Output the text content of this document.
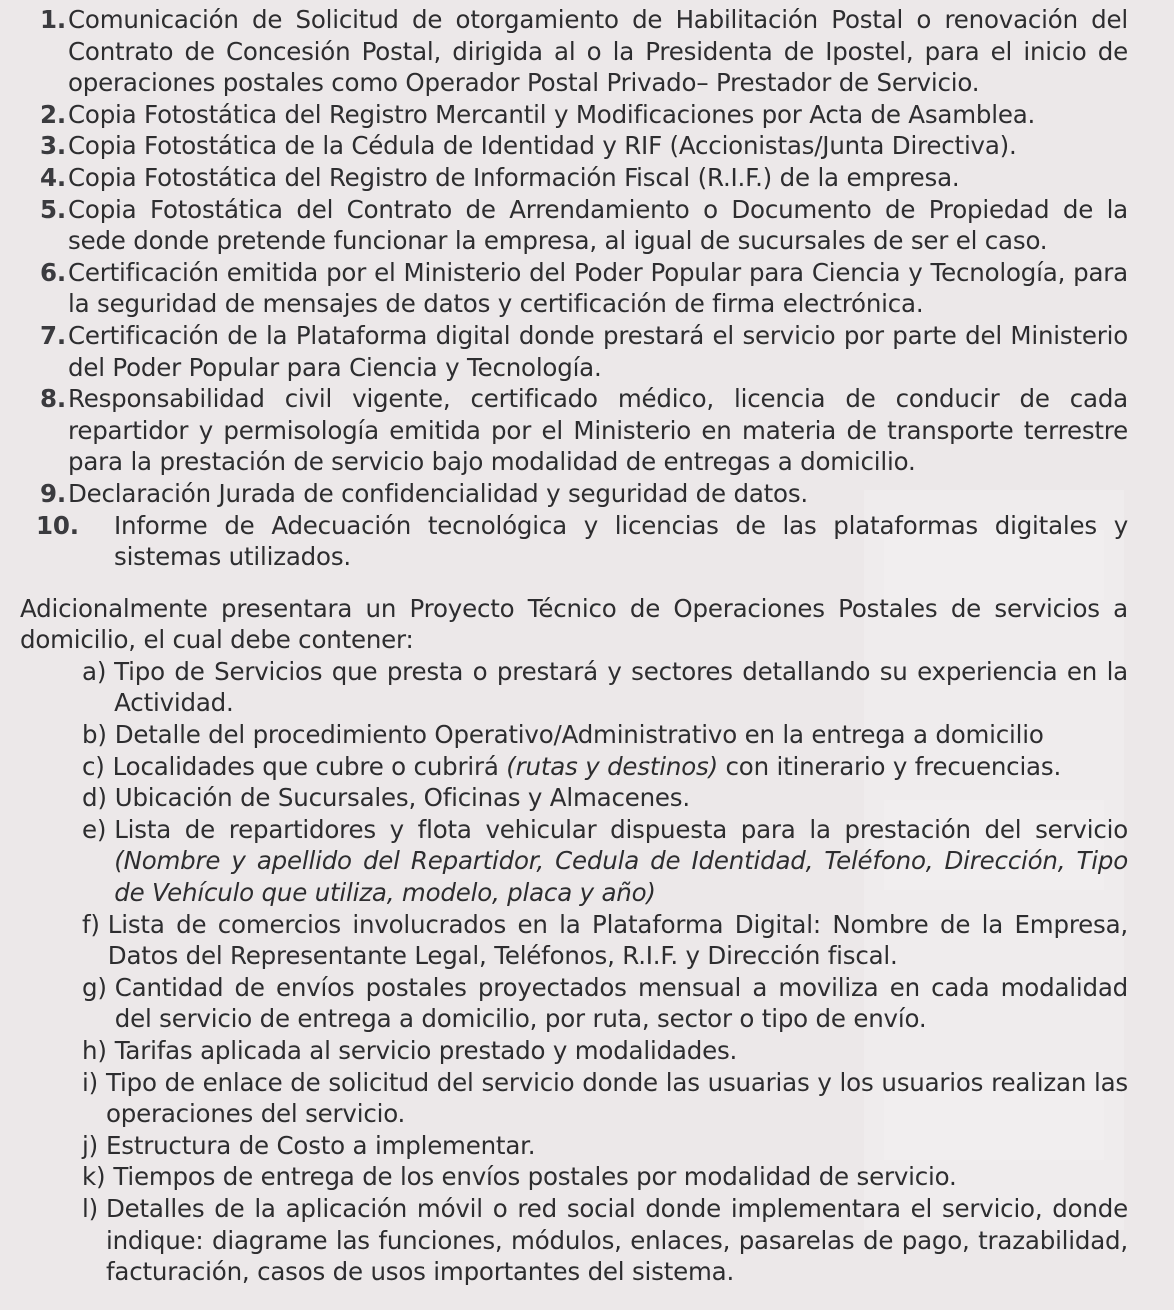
1. Comunicación de Solicitud de otorgamiento de Habilitación Postal o renovación del Contrato de Concesión Postal, dirigida al o la Presidenta de Ipostel, para el inicio de operaciones postales como Operador Postal Privado– Prestador de Servicio.
2. Copia Fotostática del Registro Mercantil y Modificaciones por Acta de Asamblea.
3. Copia Fotostática de la Cédula de Identidad y RIF (Accionistas/Junta Directiva).
4. Copia Fotostática del Registro de Información Fiscal (R.I.F.) de la empresa.
5. Copia Fotostática del Contrato de Arrendamiento o Documento de Propiedad de la sede donde pretende funcionar la empresa, al igual de sucursales de ser el caso.
6. Certificación emitida por el Ministerio del Poder Popular para Ciencia y Tecnología, para la seguridad de mensajes de datos y certificación de firma electrónica.
7. Certificación de la Plataforma digital donde prestará el servicio por parte del Ministerio del Poder Popular para Ciencia y Tecnología.
8. Responsabilidad civil vigente, certificado médico, licencia de conducir de cada repartidor y permisología emitida por el Ministerio en materia de transporte terrestre para la prestación de servicio bajo modalidad de entregas a domicilio.
9. Declaración Jurada de confidencialidad y seguridad de datos.
10.	Informe de Adecuación tecnológica y licencias de las plataformas digitales y sistemas utilizados.
Adicionalmente presentara un Proyecto Técnico de Operaciones Postales de servicios a domicilio, el cual debe contener:
a) Tipo de Servicios que presta o prestará y sectores detallando su experiencia en la Actividad.
b) Detalle del procedimiento Operativo/Administrativo en la entrega a domicilio
c) Localidades que cubre o cubrirá (rutas y destinos) con itinerario y frecuencias.
d) Ubicación de Sucursales, Oficinas y Almacenes.
e) Lista de repartidores y flota vehicular dispuesta para la prestación del servicio (Nombre y apellido del Repartidor, Cedula de Identidad, Teléfono, Dirección, Tipo de Vehículo que utiliza, modelo, placa y año)
f) Lista de comercios involucrados en la Plataforma Digital: Nombre de la Empresa, Datos del Representante Legal, Teléfonos, R.I.F. y Dirección fiscal.
g) Cantidad de envíos postales proyectados mensual a moviliza en cada modalidad del servicio de entrega a domicilio, por ruta, sector o tipo de envío.
h) Tarifas aplicada al servicio prestado y modalidades.
i) Tipo de enlace de solicitud del servicio donde las usuarias y los usuarios realizan las operaciones del servicio.
j) Estructura de Costo a implementar.
k) Tiempos de entrega de los envíos postales por modalidad de servicio.
l) Detalles de la aplicación móvil o red social donde implementara el servicio, donde indique: diagrame las funciones, módulos, enlaces, pasarelas de pago, trazabilidad, facturación, casos de usos importantes del sistema.
